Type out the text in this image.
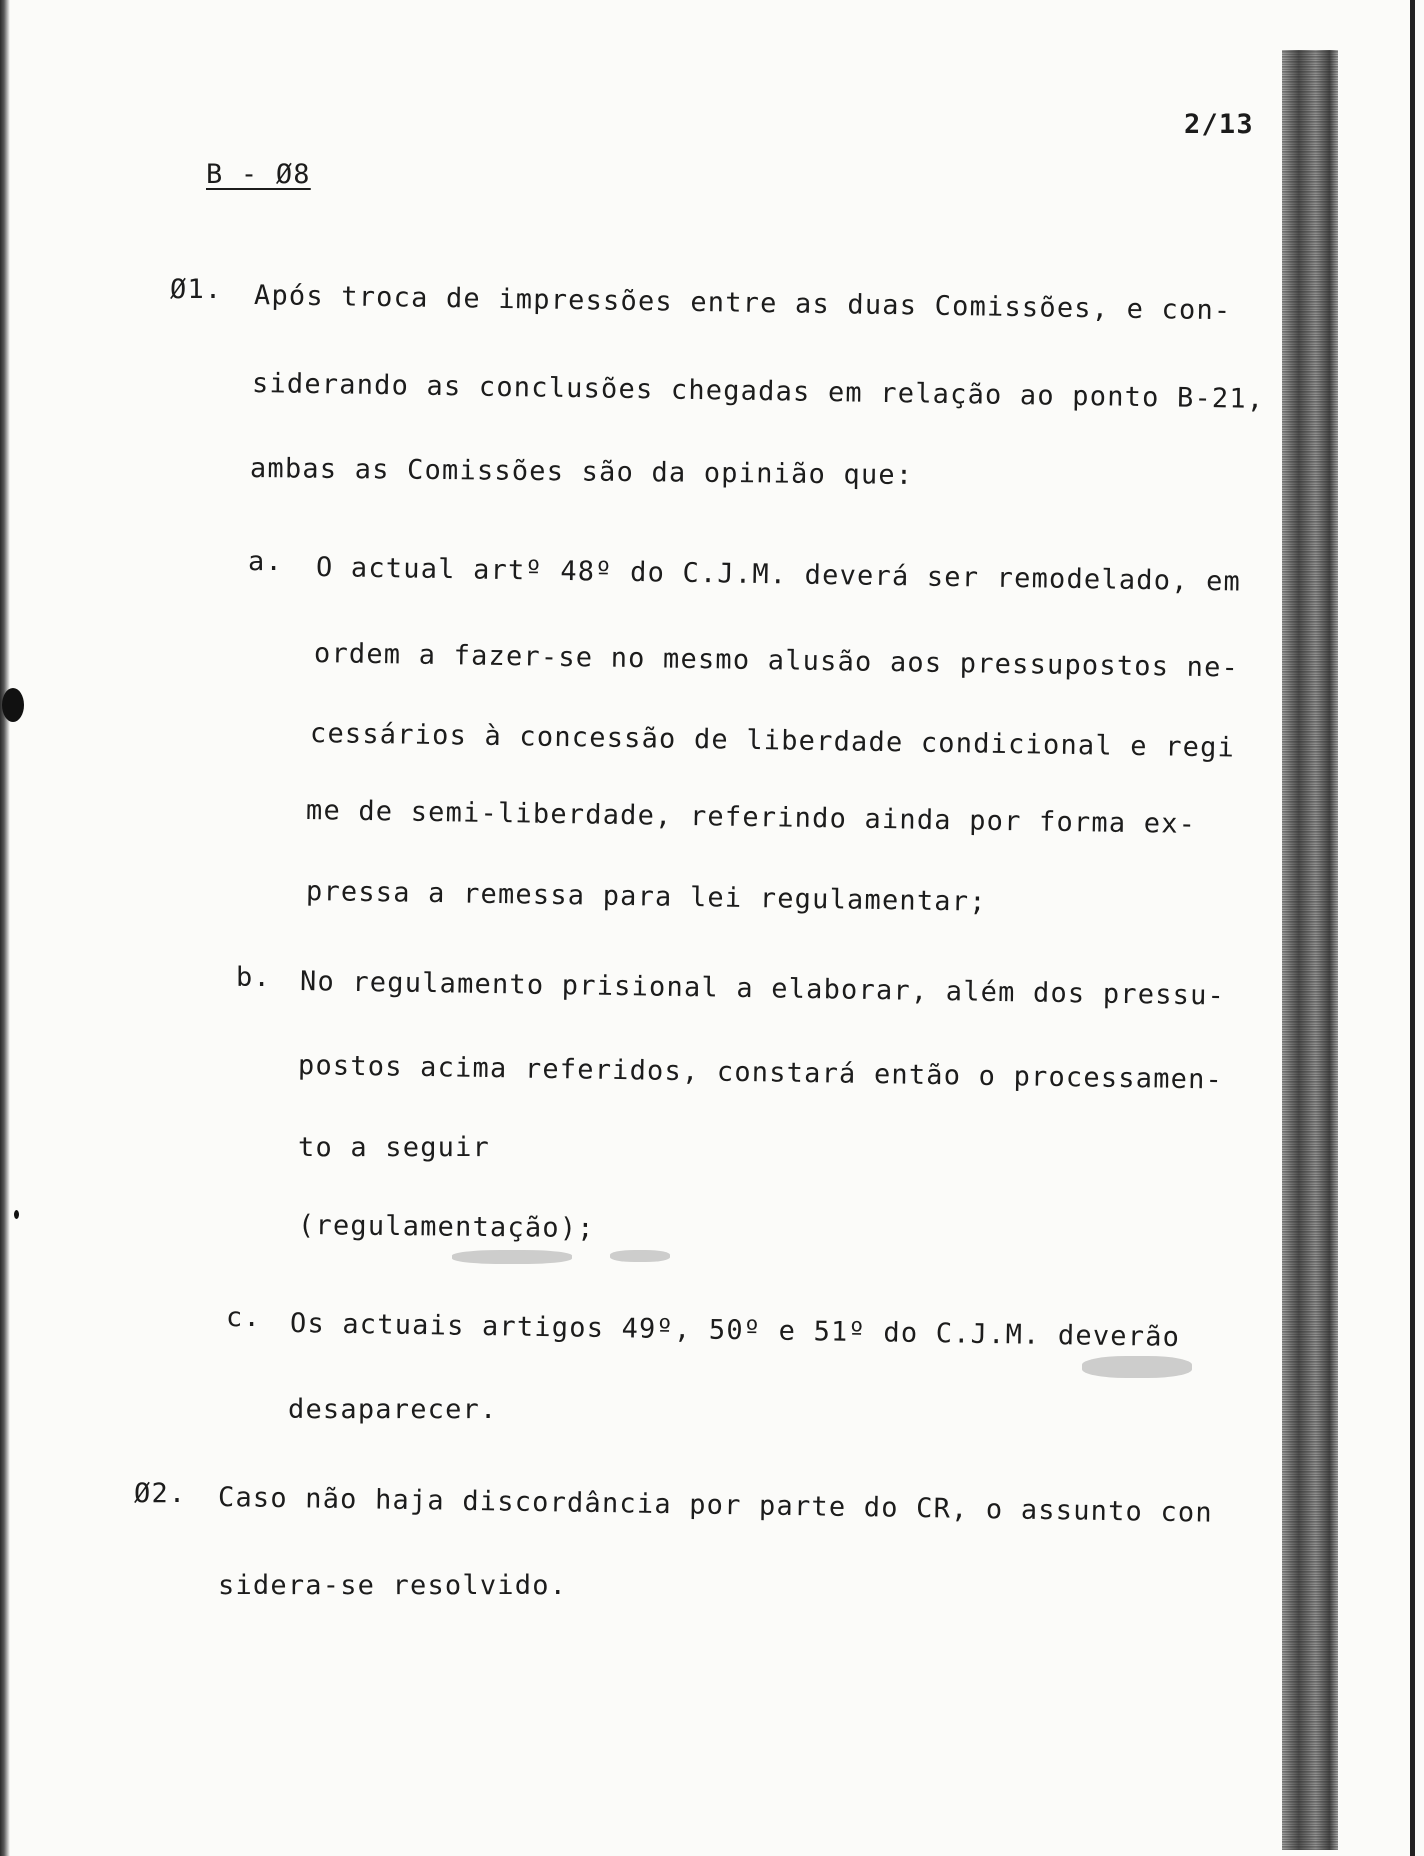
2/13
B - Ø8
Ø1. Após troca de impressões entre as duas Comissões, e con-
siderando as conclusões chegadas em relação ao ponto B-21,
ambas as Comissões são da opinião que:
a. O actual artº 48º do C.J.M. deverá ser remodelado, em
ordem a fazer-se no mesmo alusão aos pressupostos ne-
cessários à concessão de liberdade condicional e regi
me de semi-liberdade, referindo ainda por forma ex-
pressa a remessa para lei regulamentar;
b. No regulamento prisional a elaborar, além dos pressu-
postos acima referidos, constará então o processamen-
to a seguir
(regulamentação);
c. Os actuais artigos 49º, 50º e 51º do C.J.M. deverão
desaparecer.
Ø2. Caso não haja discordância por parte do CR, o assunto con
sidera-se resolvido.
